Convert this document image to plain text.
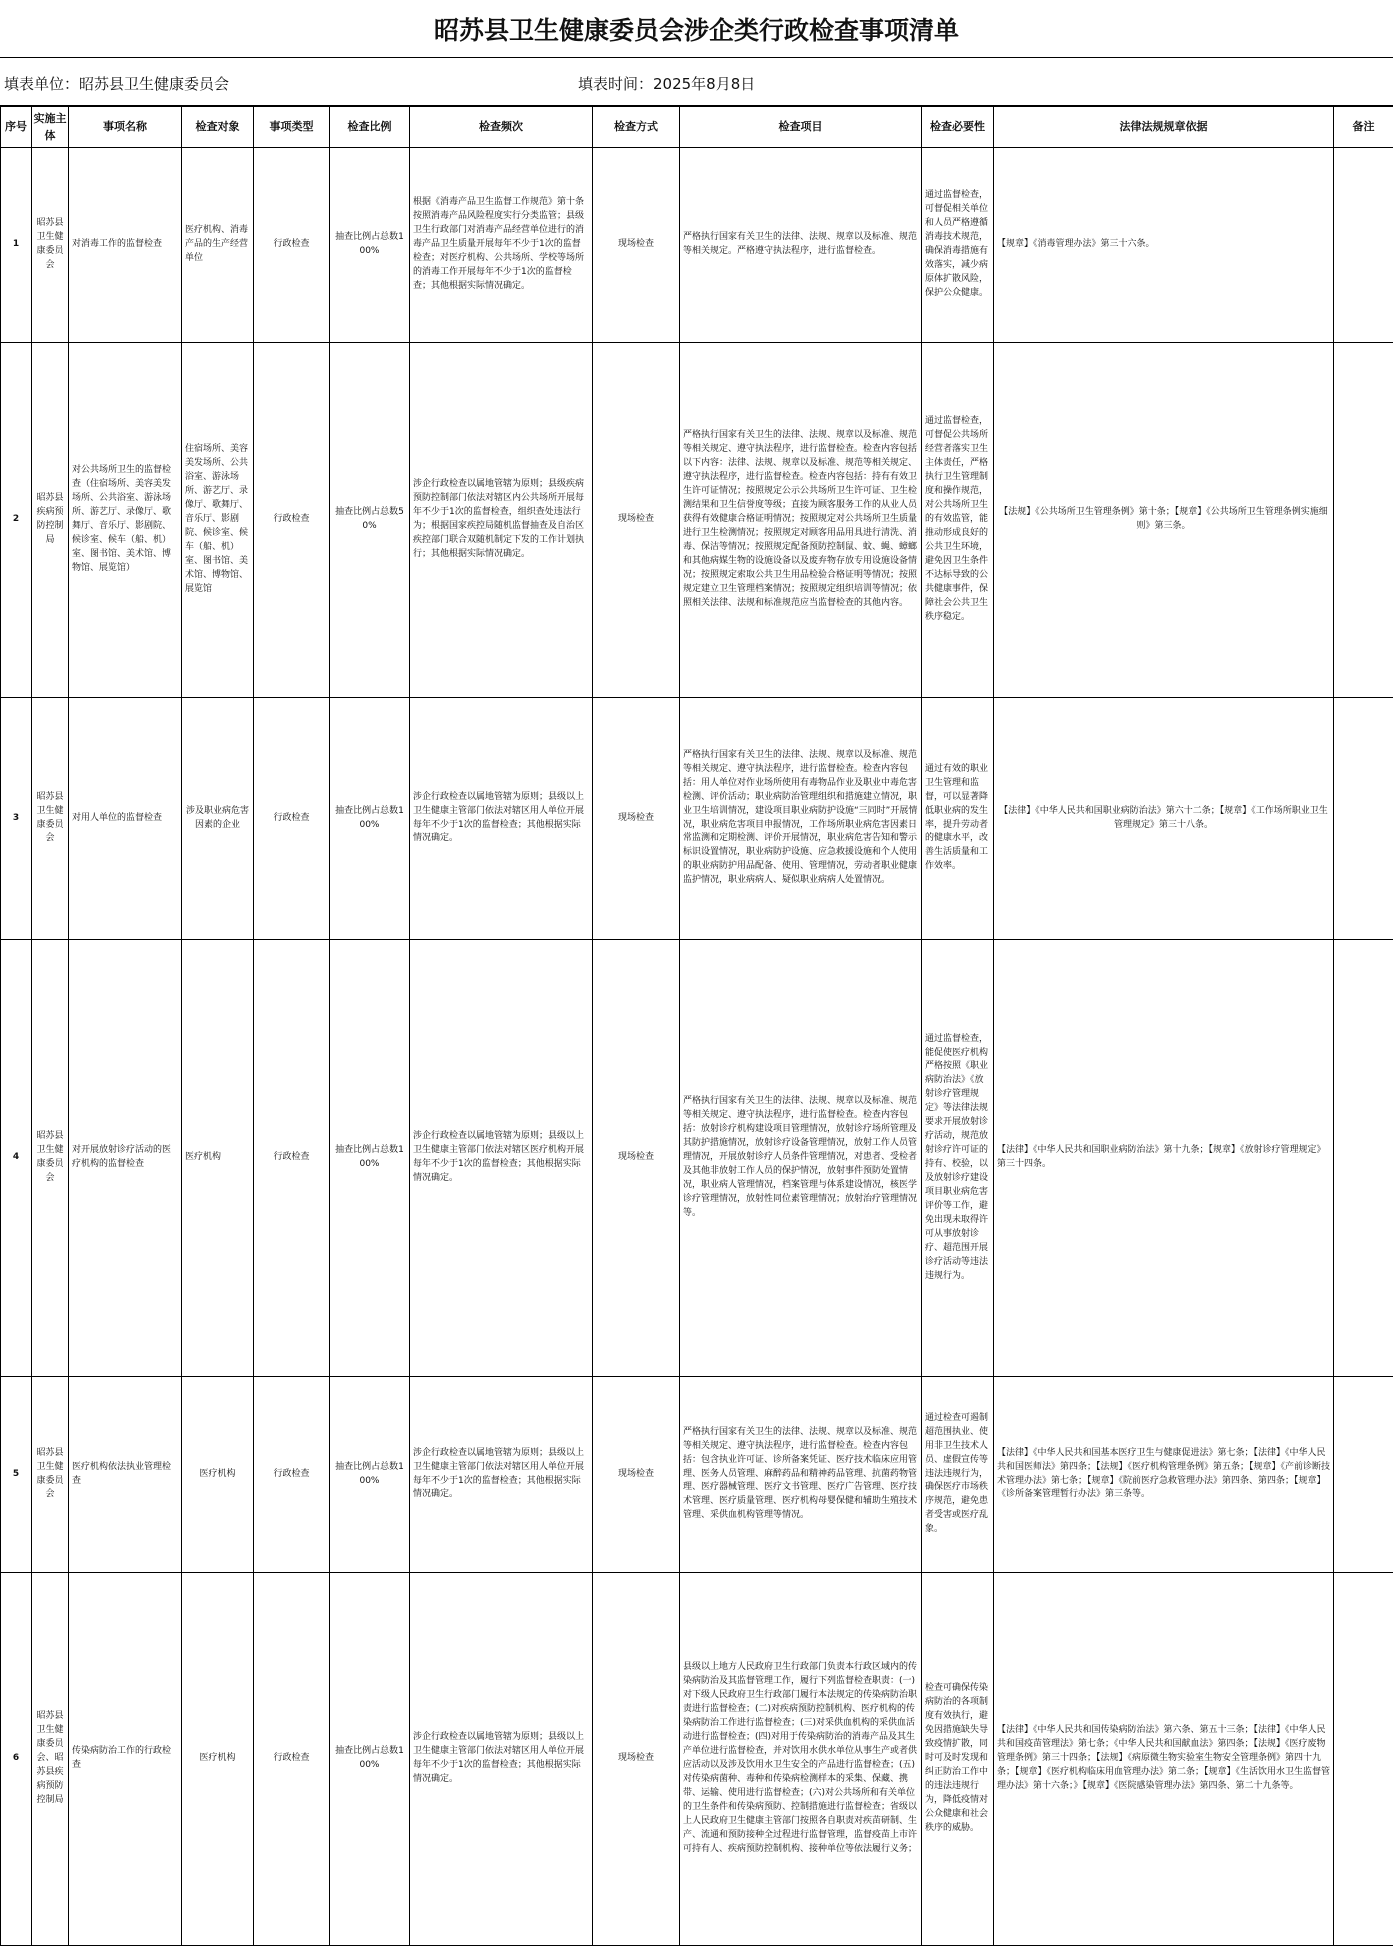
昭苏县卫生健康委员会涉企类行政检查事项清单
填表单位：昭苏县卫生健康委员会	填表时间：2025年8月8日
序号	实施主体	事项名称	检查对象	事项类型	检查比例	检查频次	检查方式	检查项目	检查必要性	法律法规规章依据	备注
1	昭苏县卫生健康委员会	对消毒工作的监督检查	医疗机构、消毒产品的生产经营单位	行政检查	抽查比例占总数100%	根据《消毒产品卫生监督工作规范》第十条按照消毒产品风险程度实行分类监管；县级卫生行政部门对消毒产品经营单位进行的消毒产品卫生质量开展每年不少于1次的监督检查；对医疗机构、公共场所、学校等场所的消毒工作开展每年不少于1次的监督检查；其他根据实际情况确定。	现场检查	严格执行国家有关卫生的法律、法规、规章以及标准、规范等相关规定。严格遵守执法程序，进行监督检查。	通过监督检查，可督促相关单位和人员严格遵循消毒技术规范，确保消毒措施有效落实，减少病原体扩散风险，保护公众健康。	【规章】《消毒管理办法》第三十六条。	
2	昭苏县疾病预防控制局	对公共场所卫生的监督检查（住宿场所、美容美发场所、公共浴室、游泳场所、游艺厅、录像厅、歌舞厅、音乐厅、影剧院、候诊室、候车（船、机）室、图书馆、美术馆、博物馆、展览馆）	住宿场所、美容美发场所、公共浴室、游泳场所、游艺厅、录像厅、歌舞厅、音乐厅、影剧院、候诊室、候车（船、机）室、图书馆、美术馆、博物馆、展览馆	行政检查	抽查比例占总数50%	涉企行政检查以属地管辖为原则；县级疾病预防控制部门依法对辖区内公共场所开展每年不少于1次的监督检查，组织查处违法行为；根据国家疾控局随机监督抽查及自治区疾控部门联合双随机制定下发的工作计划执行；其他根据实际情况确定。	现场检查	严格执行国家有关卫生的法律、法规、规章以及标准、规范等相关规定、遵守执法程序，进行监督检查。检查内容包括以下内容：法律、法规、规章以及标准、规范等相关规定、遵守执法程序，进行监督检查。检查内容包括：持有有效卫生许可证情况；按照规定公示公共场所卫生许可证、卫生检测结果和卫生信誉度等级；直接为顾客服务工作的从业人员获得有效健康合格证明情况；按照规定对公共场所卫生质量进行卫生检测情况；按照规定对顾客用品用具进行清洗、消毒、保洁等情况；按照规定配备预防控制鼠、蚊、蝇、蟑螂和其他病媒生物的设施设备以及废弃物存放专用设施设备情况；按照规定索取公共卫生用品检验合格证明等情况；按照规定建立卫生管理档案情况；按照规定组织培训等情况；依照相关法律、法规和标准规范应当监督检查的其他内容。	通过监督检查，可督促公共场所经营者落实卫生主体责任，严格执行卫生管理制度和操作规范，对公共场所卫生的有效监管，能推动形成良好的公共卫生环境，避免因卫生条件不达标导致的公共健康事件，保障社会公共卫生秩序稳定。	【法规】《公共场所卫生管理条例》第十条；【规章】《公共场所卫生管理条例实施细则》第三条。	
3	昭苏县卫生健康委员会	对用人单位的监督检查	涉及职业病危害因素的企业	行政检查	抽查比例占总数100%	涉企行政检查以属地管辖为原则；县级以上卫生健康主管部门依法对辖区用人单位开展每年不少于1次的监督检查；其他根据实际情况确定。	现场检查	严格执行国家有关卫生的法律、法规、规章以及标准、规范等相关规定、遵守执法程序，进行监督检查。检查内容包括：用人单位对作业场所使用有毒物品作业及职业中毒危害检测、评价活动；职业病防治管理组织和措施建立情况，职业卫生培训情况，建设项目职业病防护设施“三同时”开展情况，职业病危害项目申报情况，工作场所职业病危害因素日常监测和定期检测、评价开展情况，职业病危害告知和警示标识设置情况，职业病防护设施、应急救援设施和个人使用的职业病防护用品配备、使用、管理情况，劳动者职业健康监护情况，职业病病人、疑似职业病病人处置情况。	通过有效的职业卫生管理和监督，可以显著降低职业病的发生率，提升劳动者的健康水平，改善生活质量和工作效率。	【法律】《中华人民共和国职业病防治法》第六十二条；【规章】《工作场所职业卫生管理规定》第三十八条。	
4	昭苏县卫生健康委员会	对开展放射诊疗活动的医疗机构的监督检查	医疗机构	行政检查	抽查比例占总数100%	涉企行政检查以属地管辖为原则；县级以上卫生健康主管部门依法对辖区医疗机构开展每年不少于1次的监督检查；其他根据实际情况确定。	现场检查	严格执行国家有关卫生的法律、法规、规章以及标准、规范等相关规定、遵守执法程序，进行监督检查。检查内容包括：放射诊疗机构建设项目管理情况，放射诊疗场所管理及其防护措施情况，放射诊疗设备管理情况，放射工作人员管理情况，开展放射诊疗人员条件管理情况，对患者、受检者及其他非放射工作人员的保护情况，放射事件预防处置情况，职业病人管理情况，档案管理与体系建设情况，核医学诊疗管理情况，放射性同位素管理情况；放射治疗管理情况等。	通过监督检查，能促使医疗机构严格按照《职业病防治法》《放射诊疗管理规定》等法律法规要求开展放射诊疗活动，规范放射诊疗许可证的持有、校验，以及放射诊疗建设项目职业病危害评价等工作，避免出现未取得许可从事放射诊疗、超范围开展诊疗活动等违法违规行为。	【法律】《中华人民共和国职业病防治法》第十九条；【规章】《放射诊疗管理规定》第三十四条。	
5	昭苏县卫生健康委员会	医疗机构依法执业管理检查	医疗机构	行政检查	抽查比例占总数100%	涉企行政检查以属地管辖为原则；县级以上卫生健康主管部门依法对辖区用人单位开展每年不少于1次的监督检查；其他根据实际情况确定。	现场检查	严格执行国家有关卫生的法律、法规、规章以及标准、规范等相关规定、遵守执法程序，进行监督检查。检查内容包括：包含执业许可证、诊所备案凭证、医疗技术临床应用管理、医务人员管理、麻醉药品和精神药品管理、抗菌药物管理、医疗器械管理、医疗文书管理、医疗广告管理、医疗技术管理、医疗质量管理、医疗机构母婴保健和辅助生殖技术管理、采供血机构管理等情况。	通过检查可遏制超范围执业、使用非卫生技术人员、虚假宣传等违法违规行为，确保医疗市场秩序规范，避免患者受害或医疗乱象。	【法律】《中华人民共和国基本医疗卫生与健康促进法》第七条；【法律】《中华人民共和国医师法》第四条；【法规】《医疗机构管理条例》第五条；【规章】《产前诊断技术管理办法》第七条；【规章】《院前医疗急救管理办法》第四条、第四条；【规章】《诊所备案管理暂行办法》第三条等。	
6	昭苏县卫生健康委员会、昭苏县疾病预防控制局	传染病防治工作的行政检查	医疗机构	行政检查	抽查比例占总数100%	涉企行政检查以属地管辖为原则；县级以上卫生健康主管部门依法对辖区用人单位开展每年不少于1次的监督检查；其他根据实际情况确定。	现场检查	县级以上地方人民政府卫生行政部门负责本行政区域内的传染病防治及其监督管理工作，履行下列监督检查职责：(一)对下级人民政府卫生行政部门履行本法规定的传染病防治职责进行监督检查；(二)对疾病预防控制机构、医疗机构的传染病防治工作进行监督检查；(三)对采供血机构的采供血活动进行监督检查；(四)对用于传染病防治的消毒产品及其生产单位进行监督检查，并对饮用水供水单位从事生产或者供应活动以及涉及饮用水卫生安全的产品进行监督检查；(五)对传染病菌种、毒种和传染病检测样本的采集、保藏、携带、运输、使用进行监督检查；(六)对公共场所和有关单位的卫生条件和传染病预防、控制措施进行监督检查；省级以上人民政府卫生健康主管部门按照各自职责对疾苗研制、生产、流通和预防接种全过程进行监督管理，监督疫苗上市许可持有人、疾病预防控制机构、接种单位等依法履行义务；	检查可确保传染病防治的各项制度有效执行，避免因措施缺失导致疫情扩散，同时可及时发现和纠正防治工作中的违法违规行为，降低疫情对公众健康和社会秩序的威胁。	【法律】《中华人民共和国传染病防治法》第六条、第五十三条；【法律】《中华人民共和国疫苗管理法》第七条；《中华人民共和国献血法》第四条；【法规】《医疗废物管理条例》第三十四条；【法规】《病原微生物实验室生物安全管理条例》第四十九条；【规章】《医疗机构临床用血管理办法》第二条；【规章】《生活饮用水卫生监督管理办法》第十六条；》【规章】《医院感染管理办法》第四条、第二十九条等。	
